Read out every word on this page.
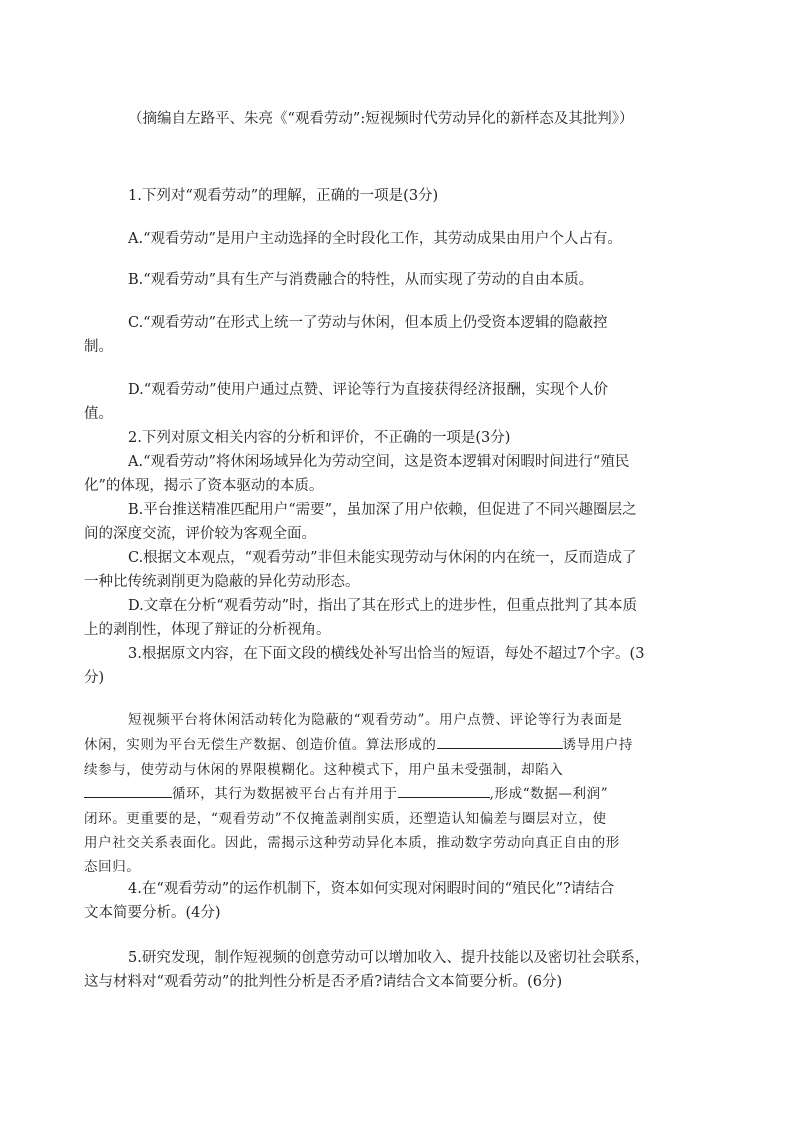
（摘编自左路平、朱亮《“观看劳动”:短视频时代劳动异化的新样态及其批判》）
1.下列对“观看劳动”的理解，正确的一项是(3分)
A.“观看劳动”是用户主动选择的全时段化工作，其劳动成果由用户个人占有。
B.“观看劳动”具有生产与消费融合的特性，从而实现了劳动的自由本质。
C.“观看劳动”在形式上统一了劳动与休闲，但本质上仍受资本逻辑的隐蔽控
制。
D.“观看劳动”使用户通过点赞、评论等行为直接获得经济报酬，实现个人价
值。
2.下列对原文相关内容的分析和评价，不正确的一项是(3分)
A.“观看劳动”将休闲场域异化为劳动空间，这是资本逻辑对闲暇时间进行“殖民
化”的体现，揭示了资本驱动的本质。
B.平台推送精准匹配用户“需要”，虽加深了用户依赖，但促进了不同兴趣圈层之
间的深度交流，评价较为客观全面。
C.根据文本观点，“观看劳动”非但未能实现劳动与休闲的内在统一，反而造成了
一种比传统剥削更为隐蔽的异化劳动形态。
D.文章在分析“观看劳动”时，指出了其在形式上的进步性，但重点批判了其本质
上的剥削性，体现了辩证的分析视角。
3.根据原文内容，在下面文段的横线处补写出恰当的短语，每处不超过7个字。(3
分)
短视频平台将休闲活动转化为隐蔽的“观看劳动”。用户点赞、评论等行为表面是
休闲，实则为平台无偿生产数据、创造价值。算法形成的	诱导用户持
续参与，使劳动与休闲的界限模糊化。这种模式下，用户虽未受强制，却陷入
循环，其行为数据被平台占有并用于	,形成“数据—利润”
闭环。更重要的是，“观看劳动”不仅掩盖剥削实质，还塑造认知偏差与圈层对立，使
用户社交关系表面化。因此，需揭示这种劳动异化本质，推动数字劳动向真正自由的形
态回归。
4.在“观看劳动”的运作机制下，资本如何实现对闲暇时间的“殖民化”?请结合
文本简要分析。(4分)
5.研究发现，制作短视频的创意劳动可以增加收入、提升技能以及密切社会联系，
这与材料对“观看劳动”的批判性分析是否矛盾?请结合文本简要分析。(6分)
